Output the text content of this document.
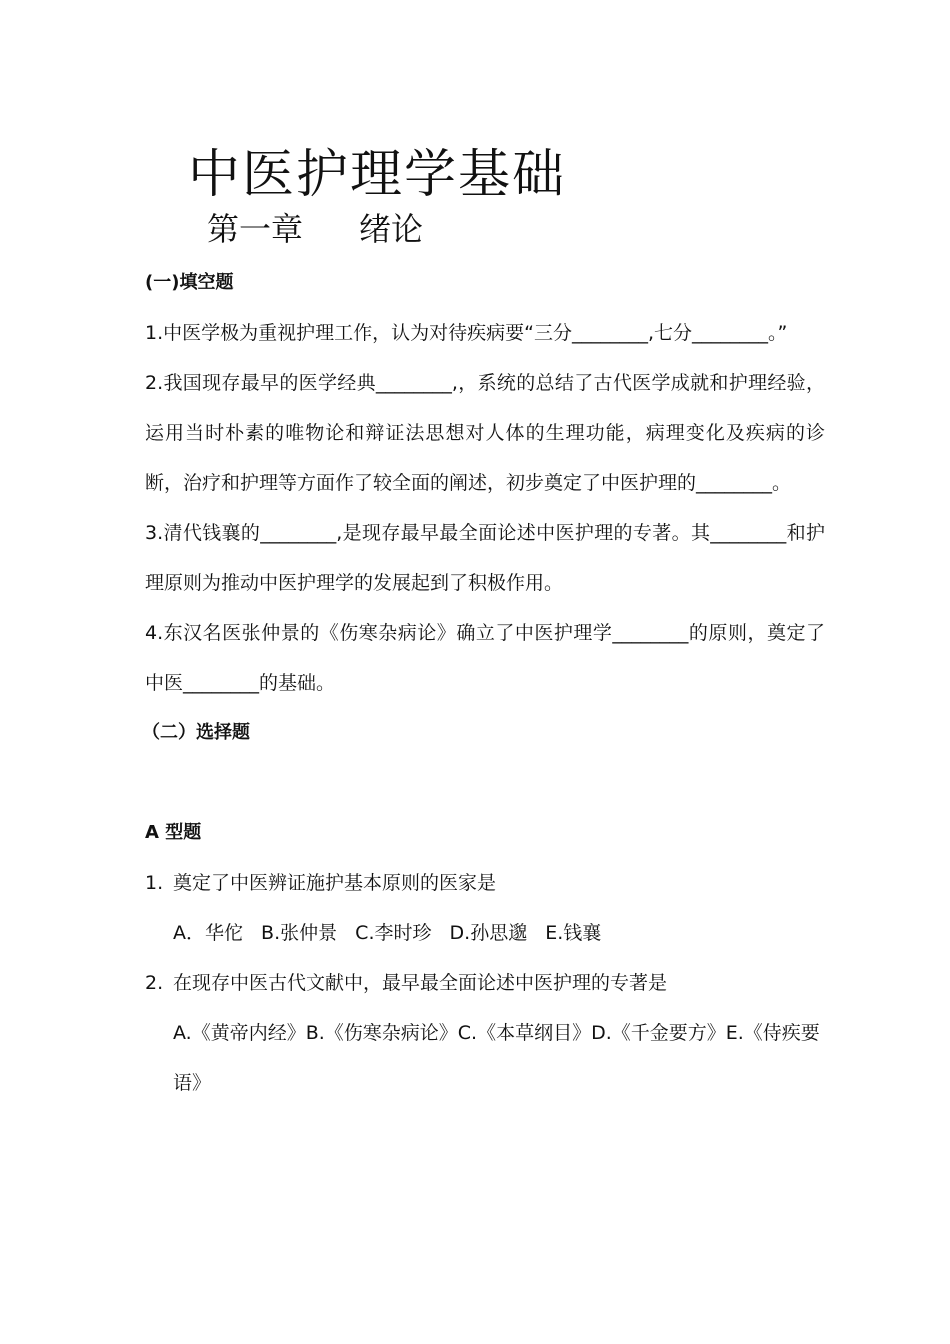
中医护理学基础
第一章 绪论
(一)填空题

1.中医学极为重视护理工作，认为对待疾病要“三分________,七分________。”

2.我国现存最早的医学经典________,，系统的总结了古代医学成就和护理经验，运用当时朴素的唯物论和辩证法思想对人体的生理功能，病理变化及疾病的诊断，治疗和护理等方面作了较全面的阐述，初步奠定了中医护理的________。

3.清代钱襄的________,是现存最早最全面论述中医护理的专著。其________和护理原则为推动中医护理学的发展起到了积极作用。

4.东汉名医张仲景的《伤寒杂病论》确立了中医护理学________的原则，奠定了中医________的基础。

（二）选择题
A 型题
1. 奠定了中医辨证施护基本原则的医家是
A．华佗 B.张仲景 C.李时珍 D.孙思邈 E.钱襄
2. 在现存中医古代文献中，最早最全面论述中医护理的专著是
A.《黄帝内经》B.《伤寒杂病论》C.《本草纲目》D.《千金要方》E.《侍疾要语》
